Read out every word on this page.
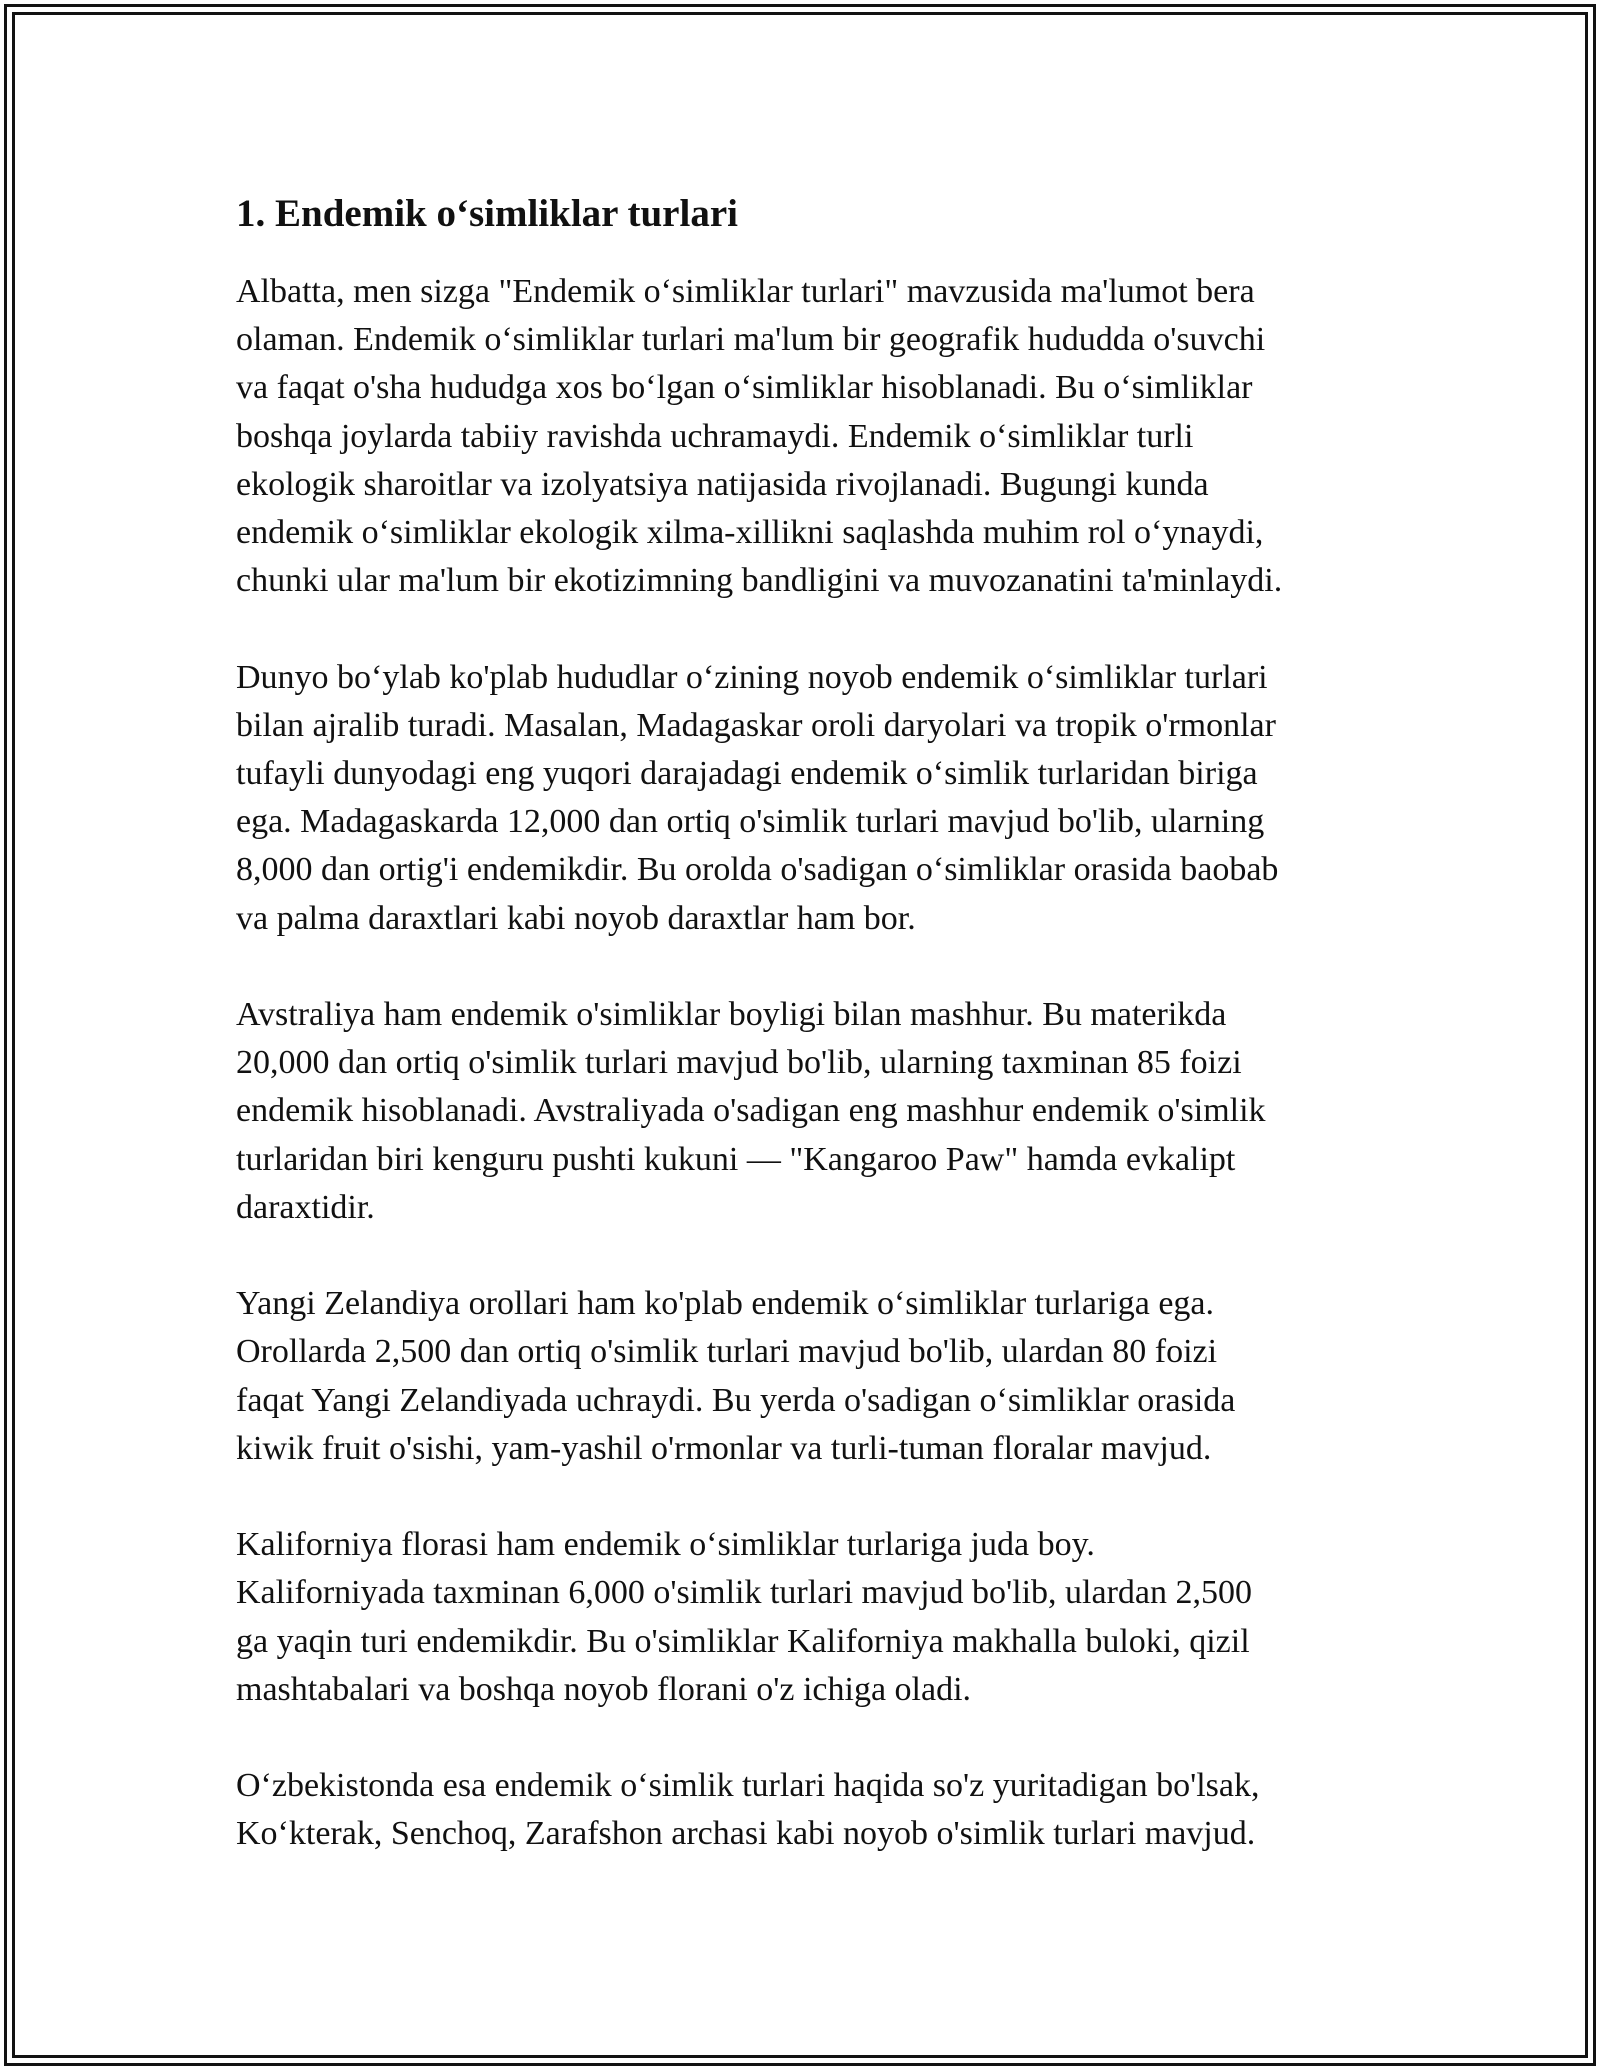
1. Endemik o‘simliklar turlari

Albatta, men sizga "Endemik o‘simliklar turlari" mavzusida ma'lumot bera
olaman. Endemik o‘simliklar turlari ma'lum bir geografik hududda o'suvchi
va faqat o'sha hududga xos bo‘lgan o‘simliklar hisoblanadi. Bu o‘simliklar
boshqa joylarda tabiiy ravishda uchramaydi. Endemik o‘simliklar turli
ekologik sharoitlar va izolyatsiya natijasida rivojlanadi. Bugungi kunda
endemik o‘simliklar ekologik xilma-xillikni saqlashda muhim rol o‘ynaydi,
chunki ular ma'lum bir ekotizimning bandligini va muvozanatini ta'minlaydi.

Dunyo bo‘ylab ko'plab hududlar o‘zining noyob endemik o‘simliklar turlari
bilan ajralib turadi. Masalan, Madagaskar oroli daryolari va tropik o'rmonlar
tufayli dunyodagi eng yuqori darajadagi endemik o‘simlik turlaridan biriga
ega. Madagaskarda 12,000 dan ortiq o'simlik turlari mavjud bo'lib, ularning
8,000 dan ortig'i endemikdir. Bu orolda o'sadigan o‘simliklar orasida baobab
va palma daraxtlari kabi noyob daraxtlar ham bor.

Avstraliya ham endemik o'simliklar boyligi bilan mashhur. Bu materikda
20,000 dan ortiq o'simlik turlari mavjud bo'lib, ularning taxminan 85 foizi
endemik hisoblanadi. Avstraliyada o'sadigan eng mashhur endemik o'simlik
turlaridan biri kenguru pushti kukuni — "Kangaroo Paw" hamda evkalipt
daraxtidir.

Yangi Zelandiya orollari ham ko'plab endemik o‘simliklar turlariga ega.
Orollarda 2,500 dan ortiq o'simlik turlari mavjud bo'lib, ulardan 80 foizi
faqat Yangi Zelandiyada uchraydi. Bu yerda o'sadigan o‘simliklar orasida
kiwik fruit o'sishi, yam-yashil o'rmonlar va turli-tuman floralar mavjud.

Kaliforniya florasi ham endemik o‘simliklar turlariga juda boy.
Kaliforniyada taxminan 6,000 o'simlik turlari mavjud bo'lib, ulardan 2,500
ga yaqin turi endemikdir. Bu o'simliklar Kaliforniya makhalla buloki, qizil
mashtabalari va boshqa noyob florani o'z ichiga oladi.

O‘zbekistonda esa endemik o‘simlik turlari haqida so'z yuritadigan bo'lsak,
Ko‘kterak, Senchoq, Zarafshon archasi kabi noyob o'simlik turlari mavjud.
